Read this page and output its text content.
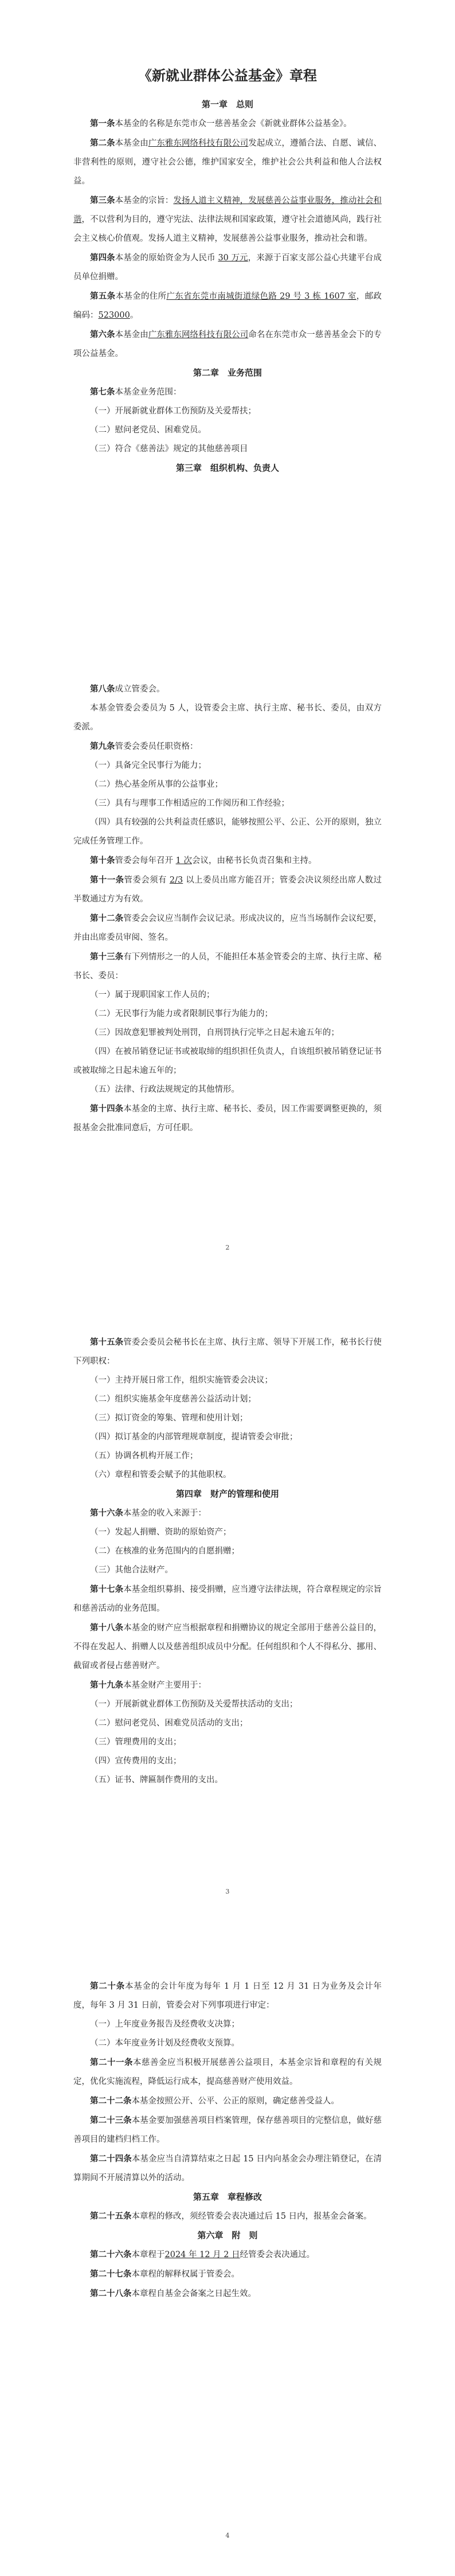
《新就业群体公益基金》章程
第一章　总则
第一条本基金的名称是东莞市众一慈善基金会《新就业群体公益基金》。
第二条本基金由广东雅东网络科技有限公司发起成立，遵循合法、自愿、诚信、非营利性的原则，遵守社会公德，维护国家安全，维护社会公共利益和他人合法权益。
第三条本基金的宗旨：发扬人道主义精神，发展慈善公益事业服务，推动社会和谐，不以营利为目的，遵守宪法、法律法规和国家政策，遵守社会道德风尚，践行社会主义核心价值观。发扬人道主义精神，发展慈善公益事业服务，推动社会和谐。
第四条本基金的原始资金为人民币 30 万元，来源于百家支部公益心共建平台成员单位捐赠。
第五条本基金的住所广东省东莞市南城街道绿色路 29 号 3 栋 1607 室，邮政编码：523000。
第六条本基金由广东雅东网络科技有限公司命名在东莞市众一慈善基金会下的专项公益基金。
第二章　业务范围
第七条本基金业务范围：
（一）开展新就业群体工伤预防及关爱帮扶；
（二）慰问老党员、困难党员。
（三）符合《慈善法》规定的其他慈善项目
第三章　组织机构、负责人
第八条成立管委会。
本基金管委会委员为 5 人，设管委会主席、执行主席、秘书长、委员，由双方委派。
第九条管委会委员任职资格：
（一）具备完全民事行为能力；
（二）热心基金所从事的公益事业；
（三）具有与理事工作相适应的工作阅历和工作经验；
（四）具有较强的公共利益责任感识，能够按照公平、公正、公开的原则，独立完成任务管理工作。
第十条管委会每年召开 1 次会议，由秘书长负责召集和主持。
第十一条管委会须有 2/3 以上委员出席方能召开；管委会决议须经出席人数过半数通过方为有效。
第十二条管委会会议应当制作会议记录。形成决议的，应当当场制作会议纪要，并由出席委员审阅、签名。
第十三条有下列情形之一的人员，不能担任本基金管委会的主席、执行主席、秘书长、委员：
（一）属于现职国家工作人员的；
（二）无民事行为能力或者限制民事行为能力的；
（三）因故意犯罪被判处刑罚，自刑罚执行完毕之日起未逾五年的；
（四）在被吊销登记证书或被取缔的组织担任负责人，自该组织被吊销登记证书或被取缔之日起未逾五年的；
（五）法律、行政法规规定的其他情形。
第十四条本基金的主席、执行主席、秘书长、委员，因工作需要调整更换的，须报基金会批准同意后，方可任职。
2
第十五条管委会委员会秘书长在主席、执行主席、领导下开展工作，秘书长行使下列职权：
（一）主持开展日常工作，组织实施管委会决议；
（二）组织实施基金年度慈善公益活动计划；
（三）拟订资金的筹集、管理和使用计划；
（四）拟订基金的内部管理规章制度，提请管委会审批；
（五）协调各机构开展工作；
（六）章程和管委会赋予的其他职权。
第四章　财产的管理和使用
第十六条本基金的收入来源于：
（一）发起人捐赠、资助的原始资产；
（二）在核准的业务范围内的自愿捐赠；
（三）其他合法财产。
第十七条本基金组织募捐、接受捐赠，应当遵守法律法规，符合章程规定的宗旨和慈善活动的业务范围。
第十八条本基金的财产应当根据章程和捐赠协议的规定全部用于慈善公益目的，不得在发起人、捐赠人以及慈善组织成员中分配。任何组织和个人不得私分、挪用、截留或者侵占慈善财产。
第十九条本基金财产主要用于：
（一）开展新就业群体工伤预防及关爱帮扶活动的支出；
（二）慰问老党员、困难党员活动的支出；
（三）管理费用的支出；
（四）宣传费用的支出；
（五）证书、牌匾制作费用的支出。
3
第二十条本基金的会计年度为每年 1 月 1 日至 12 月 31 日为业务及会计年度，每年 3 月 31 日前，管委会对下列事项进行审定：
（一）上年度业务报告及经费收支决算；
（二）本年度业务计划及经费收支预算。
第二十一条本慈善金应当积极开展慈善公益项目，本基金宗旨和章程的有关规定，优化实施流程，降低运行成本，提高慈善财产使用效益。
第二十二条本基金按照公开、公平、公正的原则，确定慈善受益人。
第二十三条本基金要加强慈善项目档案管理，保存慈善项目的完整信息，做好慈善项目的建档归档工作。
第二十四条本基金应当自清算结束之日起 15 日内向基金会办理注销登记，在清算期间不开展清算以外的活动。
第五章　章程修改
第二十五条本章程的修改，须经管委会表决通过后 15 日内，报基金会备案。
第六章　附　则
第二十六条本章程于2024 年 12 月 2 日经管委会表决通过。
第二十七条本章程的解释权属于管委会。
第二十八条本章程自基金会备案之日起生效。
4
1
